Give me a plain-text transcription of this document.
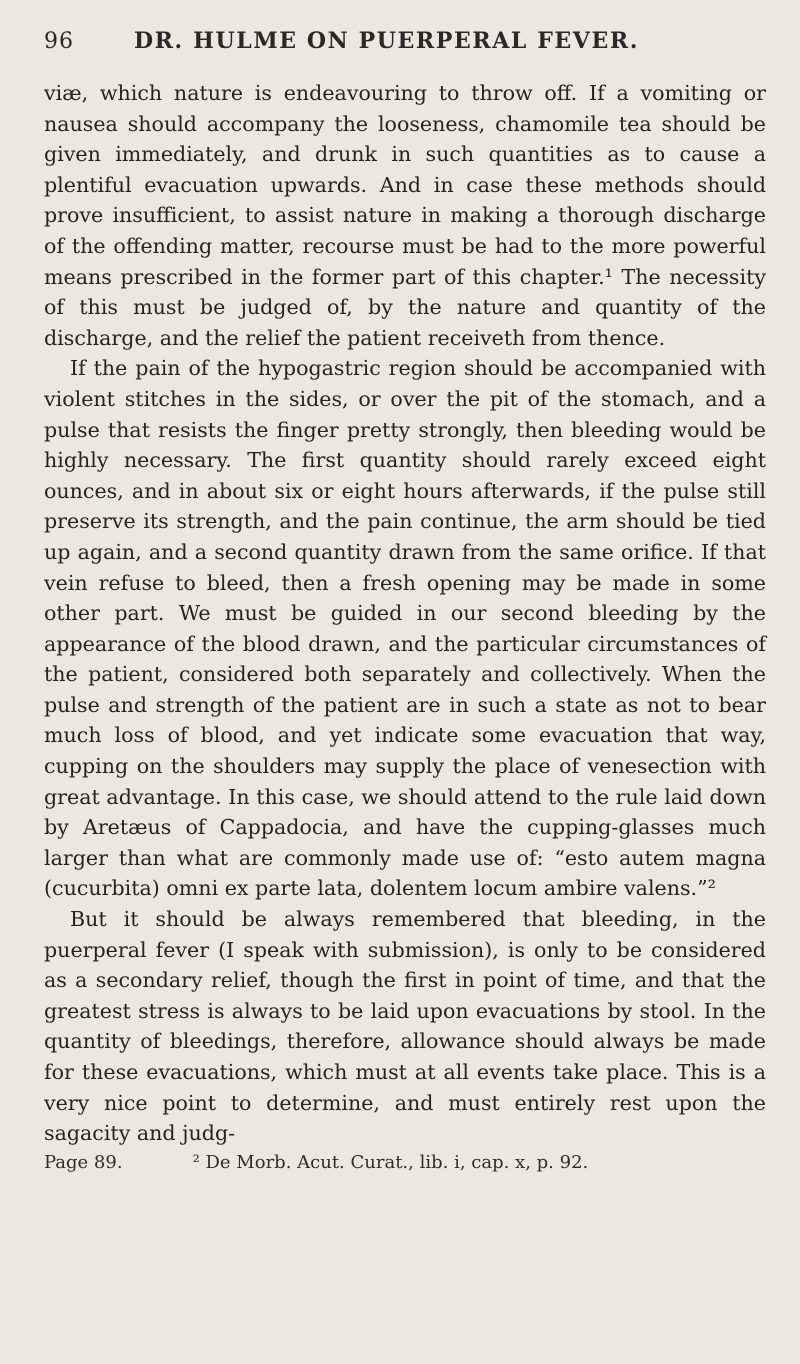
96	DR. HULME ON PUERPERAL FEVER.

viæ, which nature is endeavouring to throw off. If a vomiting or nausea should accompany the looseness, chamomile tea should be given immediately, and drunk in such quantities as to cause a plentiful evacuation upwards. And in case these methods should prove insufficient, to assist nature in making a thorough discharge of the offending matter, recourse must be had to the more powerful means prescribed in the former part of this chapter.¹ The necessity of this must be judged of, by the nature and quantity of the discharge, and the relief the patient receiveth from thence.

If the pain of the hypogastric region should be accompanied with violent stitches in the sides, or over the pit of the stomach, and a pulse that resists the finger pretty strongly, then bleeding would be highly necessary. The first quantity should rarely exceed eight ounces, and in about six or eight hours afterwards, if the pulse still preserve its strength, and the pain continue, the arm should be tied up again, and a second quantity drawn from the same orifice. If that vein refuse to bleed, then a fresh opening may be made in some other part. We must be guided in our second bleeding by the appearance of the blood drawn, and the particular circumstances of the patient, considered both separately and collectively. When the pulse and strength of the patient are in such a state as not to bear much loss of blood, and yet indicate some evacuation that way, cupping on the shoulders may supply the place of venesection with great advantage. In this case, we should attend to the rule laid down by Aretæus of Cappadocia, and have the cupping-glasses much larger than what are commonly made use of: “esto autem magna (cucurbita) omni ex parte lata, dolentem locum ambire valens.”²

But it should be always remembered that bleeding, in the puerperal fever (I speak with submission), is only to be considered as a secondary relief, though the first in point of time, and that the greatest stress is always to be laid upon evacuations by stool. In the quantity of bleedings, therefore, allowance should always be made for these evacuations, which must at all events take place. This is a very nice point to determine, and must entirely rest upon the sagacity and judg-

Page 89.	² De Morb. Acut. Curat., lib. i, cap. x, p. 92.
